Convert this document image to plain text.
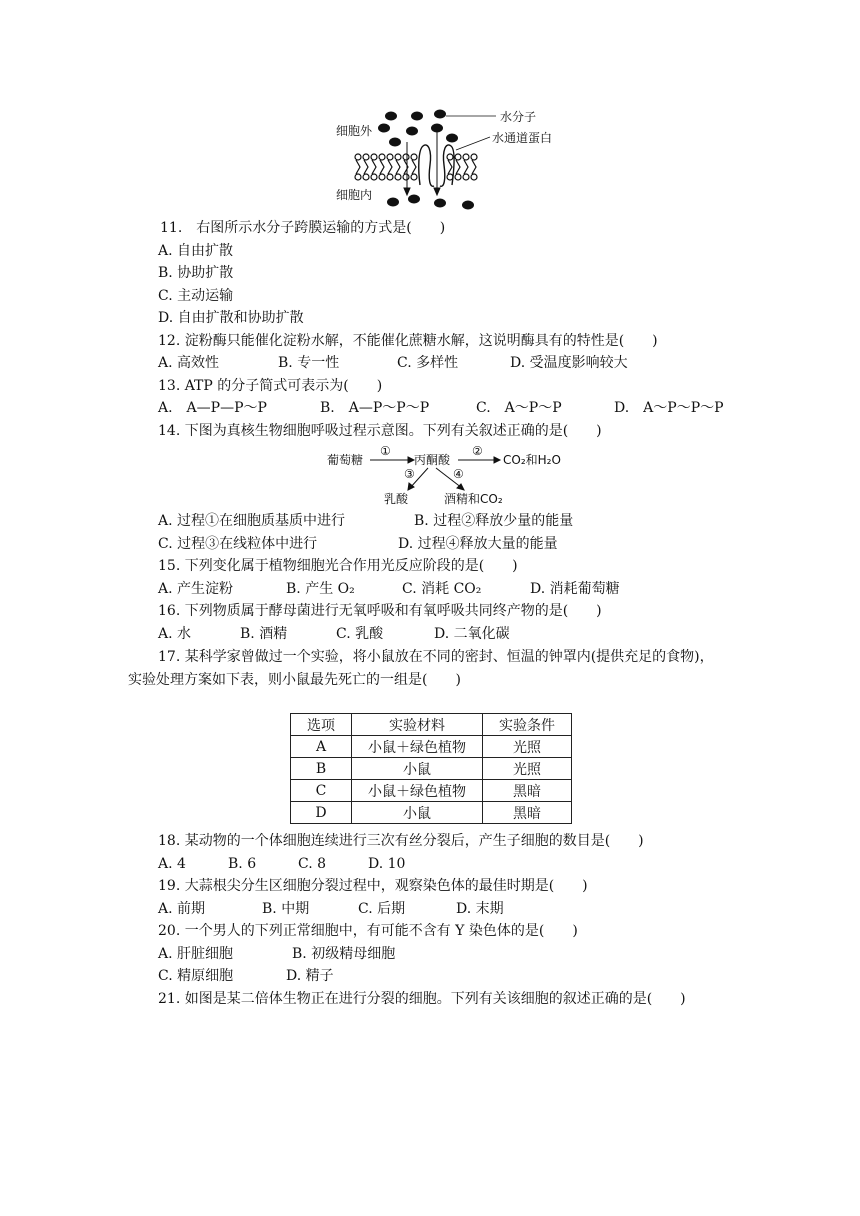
细胞外
细胞内
水分子
水通道蛋白
11.　右图所示水分子跨膜运输的方式是(　　)
A. 自由扩散
B. 协助扩散
C. 主动运输
D. 自由扩散和协助扩散
12. 淀粉酶只能催化淀粉水解，不能催化蔗糖水解，这说明酶具有的特性是(　　)
A. 高效性	B. 专一性	C. 多样性	D. 受温度影响较大
13. ATP 的分子简式可表示为(　　)
A.　A—P—P～P	B.　A—P～P～P	C.　A～P～P	D.　A～P～P～P
14. 下图为真核生物细胞呼吸过程示意图。下列有关叙述正确的是(　　)
葡萄糖	丙酮酸	CO₂和H₂O
乳酸	酒精和CO₂
①	②
③	④
A. 过程①在细胞质基质中进行	B. 过程②释放少量的能量
C. 过程③在线粒体中进行	D. 过程④释放大量的能量
15. 下列变化属于植物细胞光合作用光反应阶段的是(　　)
A. 产生淀粉	B. 产生 O₂	C. 消耗 CO₂	D. 消耗葡萄糖
16. 下列物质属于酵母菌进行无氧呼吸和有氧呼吸共同终产物的是(　　)
A. 水	B. 酒精	C. 乳酸	D. 二氧化碳
17. 某科学家曾做过一个实验，将小鼠放在不同的密封、恒温的钟罩内(提供充足的食物)，
实验处理方案如下表，则小鼠最先死亡的一组是(　　)
选项	实验材料	实验条件
A	小鼠＋绿色植物	光照
B	小鼠	光照
C	小鼠＋绿色植物	黑暗
D	小鼠	黑暗
18. 某动物的一个体细胞连续进行三次有丝分裂后，产生子细胞的数目是(　　)
A. 4	B. 6	C. 8	D. 10
19. 大蒜根尖分生区细胞分裂过程中，观察染色体的最佳时期是(　　)
A. 前期	B. 中期	C. 后期	D. 末期
20. 一个男人的下列正常细胞中，有可能不含有 Y 染色体的是(　　)
A. 肝脏细胞	B. 初级精母细胞
C. 精原细胞	D. 精子
21. 如图是某二倍体生物正在进行分裂的细胞。下列有关该细胞的叙述正确的是(　　)
